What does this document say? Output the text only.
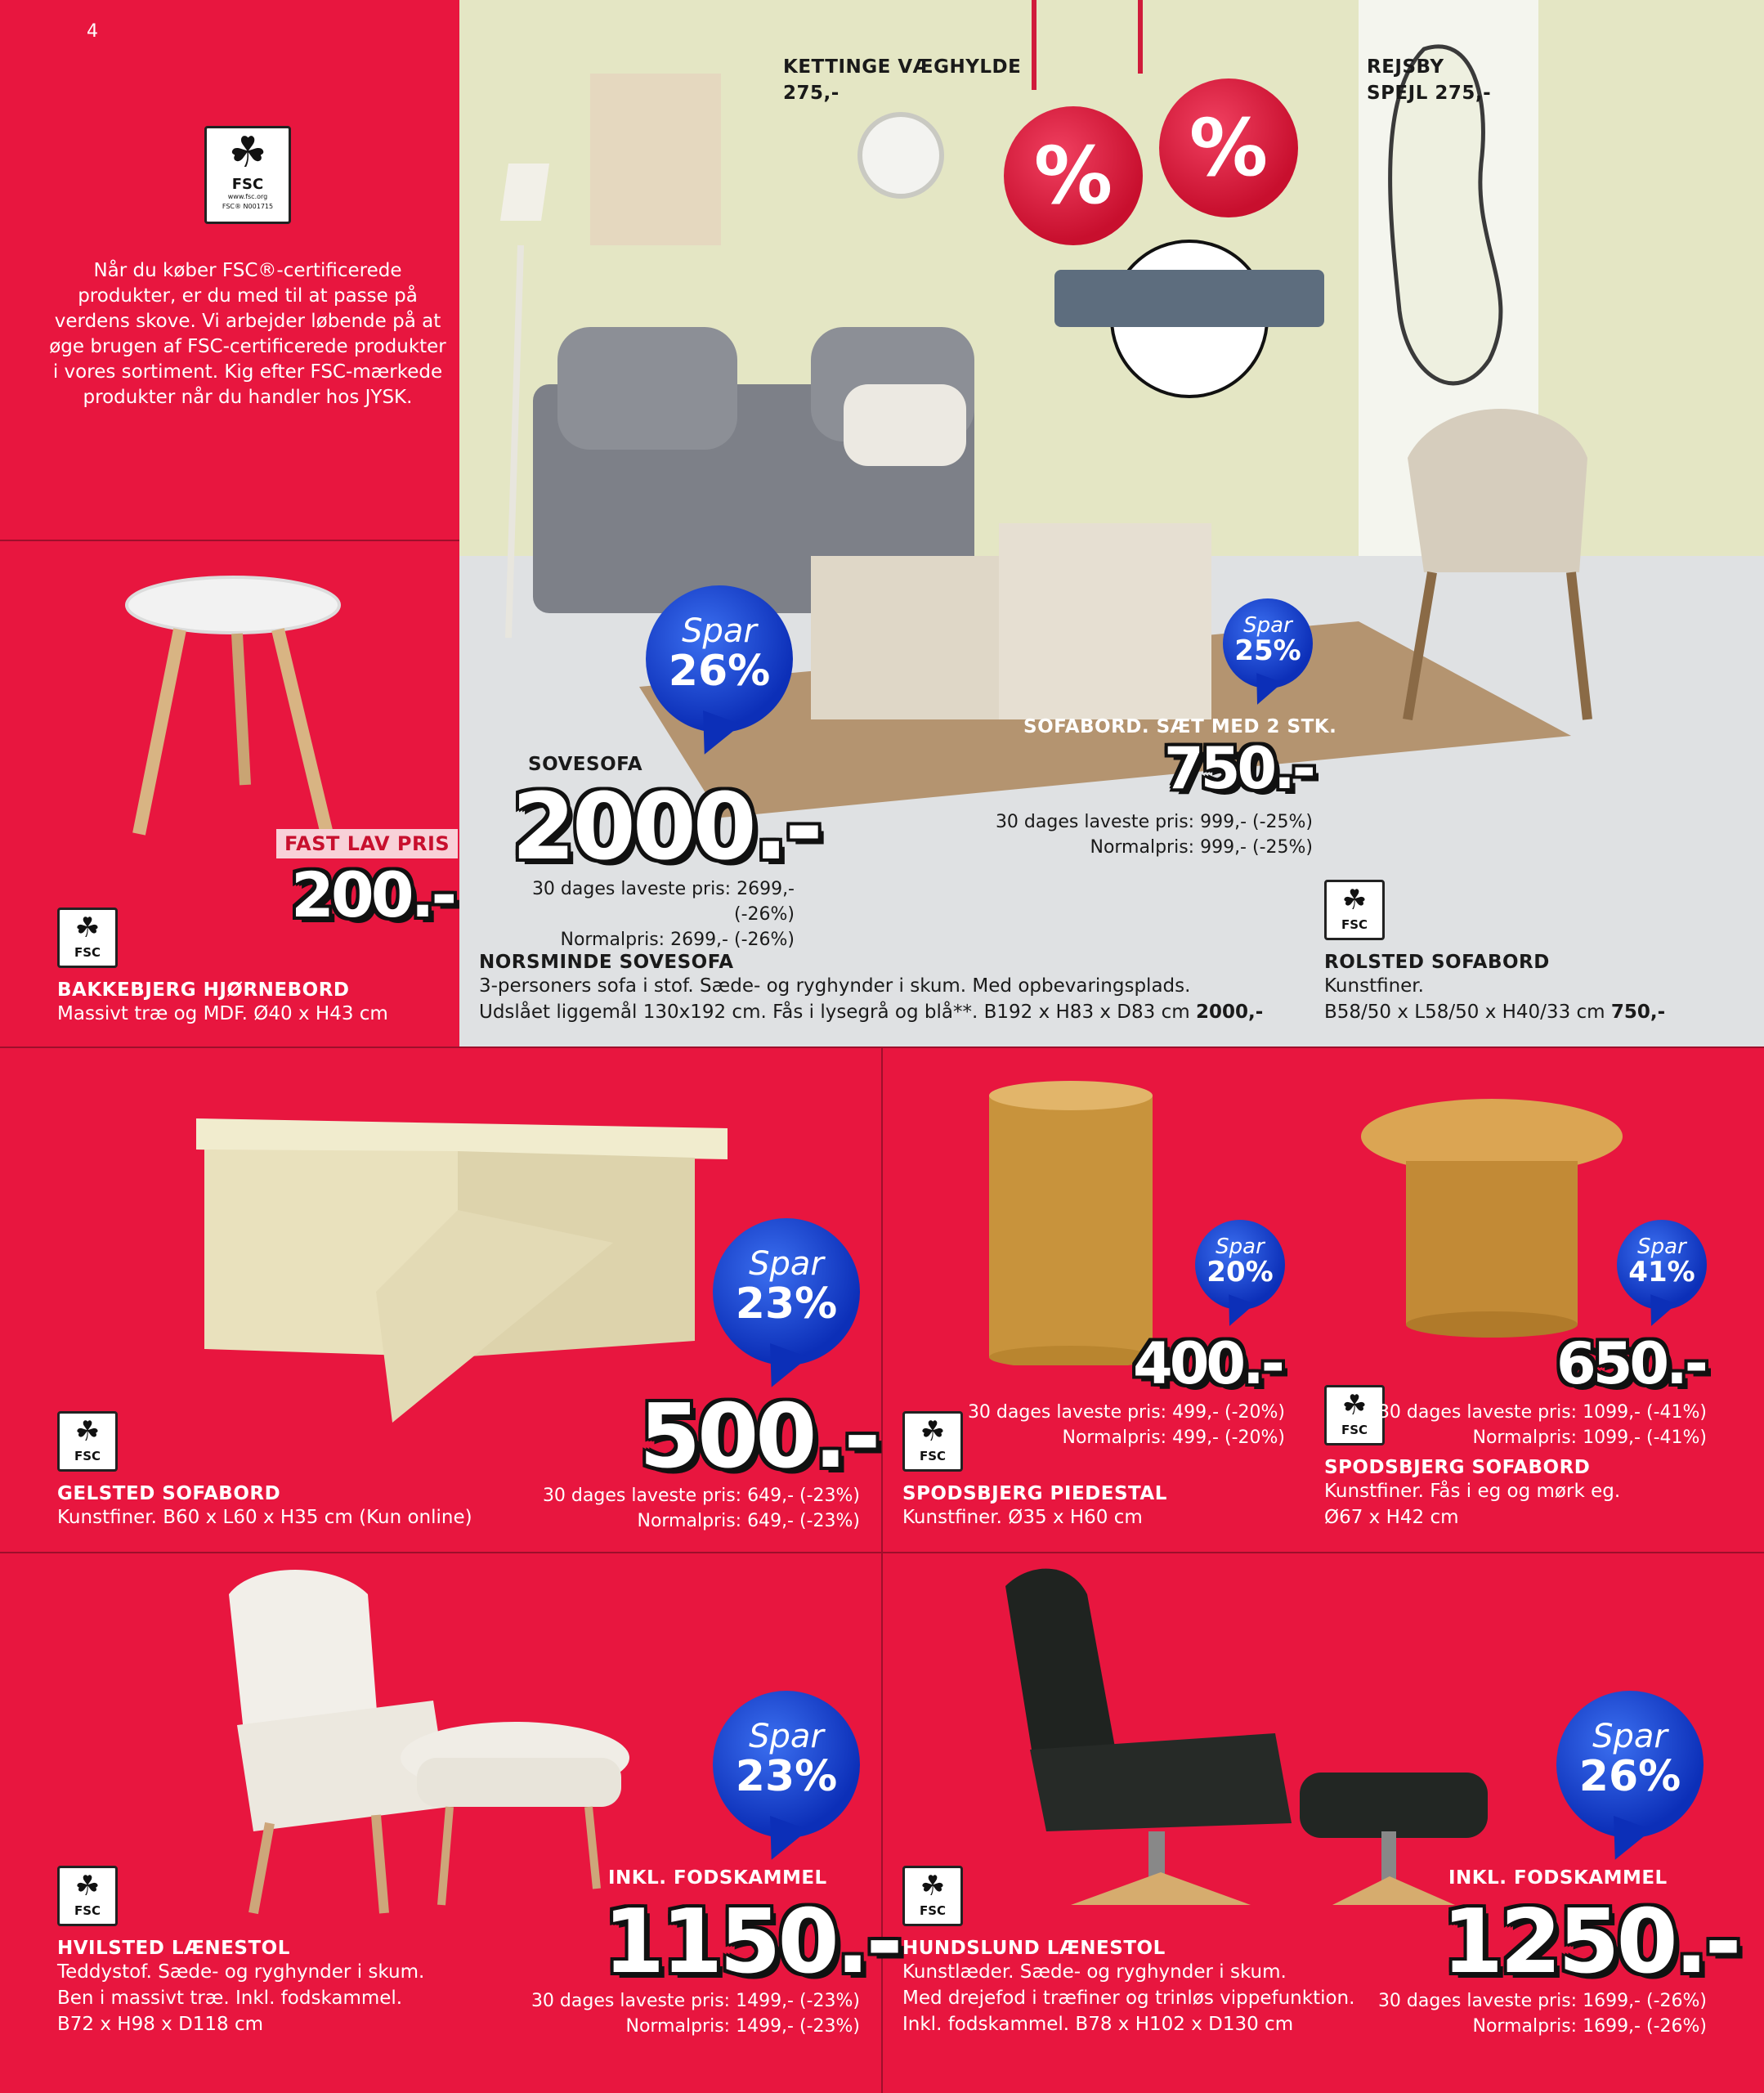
4
☘
FSC
www.fsc.org
FSC® N001715
Når du køber FSC®-certificerede produkter, er du med til at passe på verdens skove. Vi arbejder løbende på at øge brugen af FSC-certificerede produkter i vores sortiment. Kig efter FSC-mærkede produkter når du handler hos JYSK.
KETTINGE VÆGHYLDE
275,-
REJSBY
SPEJL 275,-
% %
Spar
26%
SOVESOFA
2000.-
30 dages laveste pris: 2699,- (-26%)
Normalpris: 2699,- (-26%)
NORSMINDE SOVESOFA
3-personers sofa i stof. Sæde- og ryghynder i skum. Med opbevaringsplads.
Udslået liggemål 130x192 cm. Fås i lysegrå og blå**. B192 x H83 x D83 cm 2000,-
Spar
25%
SOFABORD. SÆT MED 2 STK.
750.-
30 dages laveste pris: 999,- (-25%)
Normalpris: 999,- (-25%)
☘
FSC
ROLSTED SOFABORD
Kunstfiner.
B58/50 x L58/50 x H40/33 cm 750,-
FAST LAV PRIS
200.-
☘
FSC
BAKKEBJERG HJØRNEBORD
Massivt træ og MDF. Ø40 x H43 cm
Spar
23%
500.-
☘
FSC
GELSTED SOFABORD
Kunstfiner. B60 x L60 x H35 cm (Kun online)
30 dages laveste pris: 649,- (-23%)
Normalpris: 649,- (-23%)
Spar
20%
400.-
30 dages laveste pris: 499,- (-20%)
Normalpris: 499,- (-20%)
☘
FSC
SPODSBJERG PIEDESTAL
Kunstfiner. Ø35 x H60 cm
Spar
41%
650.-
☘
FSC
30 dages laveste pris: 1099,- (-41%)
Normalpris: 1099,- (-41%)
SPODSBJERG SOFABORD
Kunstfiner. Fås i eg og mørk eg.
Ø67 x H42 cm
Spar
23%
INKL. FODSKAMMEL
1150.-
☘
FSC
HVILSTED LÆNESTOL
Teddystof. Sæde- og ryghynder i skum.
Ben i massivt træ. Inkl. fodskammel.
B72 x H98 x D118 cm
30 dages laveste pris: 1499,- (-23%)
Normalpris: 1499,- (-23%)
Spar
26%
INKL. FODSKAMMEL
1250.-
☘
FSC
HUNDSLUND LÆNESTOL
Kunstlæder. Sæde- og ryghynder i skum.
Med drejefod i træfiner og trinløs vippefunktion.
Inkl. fodskammel. B78 x H102 x D130 cm
30 dages laveste pris: 1699,- (-26%)
Normalpris: 1699,- (-26%)
